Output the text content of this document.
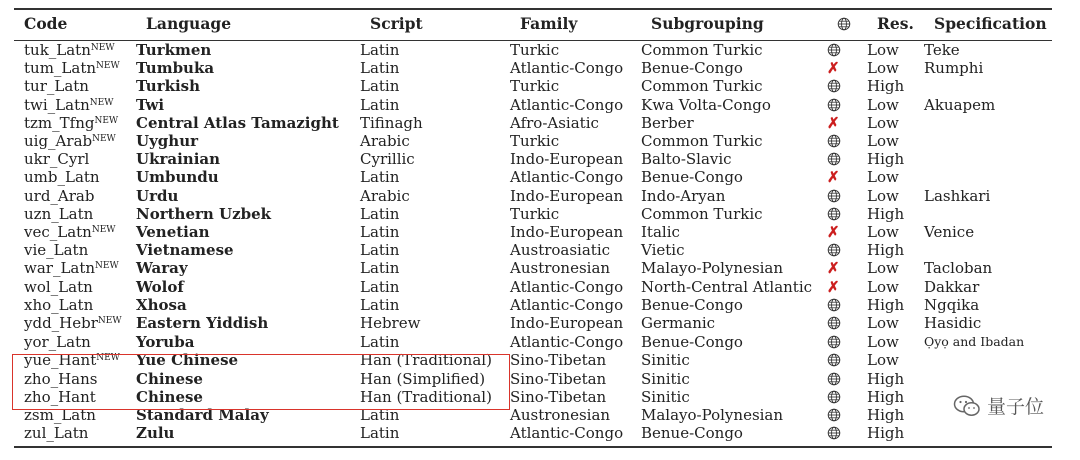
Code	Language	Script	Family	Subgrouping		Res.	Specification
tuk_Latn$^{NEW}$	Turkmen	Latin	Turkic	Common Turkic		Low	Teke
tum_Latn$^{NEW}$	Tumbuka	Latin	Atlantic-Congo	Benue-Congo	✗	Low	Rumphi
tur_Latn	Turkish	Latin	Turkic	Common Turkic		High	
twi_Latn$^{NEW}$	Twi	Latin	Atlantic-Congo	Kwa Volta-Congo		Low	Akuapem
tzm_Tfng$^{NEW}$	Central Atlas Tamazight	Tifinagh	Afro-Asiatic	Berber	✗	Low	
uig_Arab$^{NEW}$	Uyghur	Arabic	Turkic	Common Turkic		Low	
ukr_Cyrl	Ukrainian	Cyrillic	Indo-European	Balto-Slavic		High	
umb_Latn	Umbundu	Latin	Atlantic-Congo	Benue-Congo	✗	Low	
urd_Arab	Urdu	Arabic	Indo-European	Indo-Aryan		Low	Lashkari
uzn_Latn	Northern Uzbek	Latin	Turkic	Common Turkic		High	
vec_Latn$^{NEW}$	Venetian	Latin	Indo-European	Italic	✗	Low	Venice
vie_Latn	Vietnamese	Latin	Austroasiatic	Vietic		High	
war_Latn$^{NEW}$	Waray	Latin	Austronesian	Malayo-Polynesian	✗	Low	Tacloban
wol_Latn	Wolof	Latin	Atlantic-Congo	North-Central Atlantic	✗	Low	Dakkar
xho_Latn	Xhosa	Latin	Atlantic-Congo	Benue-Congo		High	Ngqika
ydd_Hebr$^{NEW}$	Eastern Yiddish	Hebrew	Indo-European	Germanic		Low	Hasidic
yor_Latn	Yoruba	Latin	Atlantic-Congo	Benue-Congo		Low	Ọyọ and Ibadan
yue_Hant$^{NEW}$	Yue Chinese	Han (Traditional)	Sino-Tibetan	Sinitic		Low	
zho_Hans	Chinese	Han (Simplified)	Sino-Tibetan	Sinitic		High	
zho_Hant	Chinese	Han (Traditional)	Sino-Tibetan	Sinitic		High	
zsm_Latn	Standard Malay	Latin	Austronesian	Malayo-Polynesian		High	
zul_Latn	Zulu	Latin	Atlantic-Congo	Benue-Congo		High	
量子位
